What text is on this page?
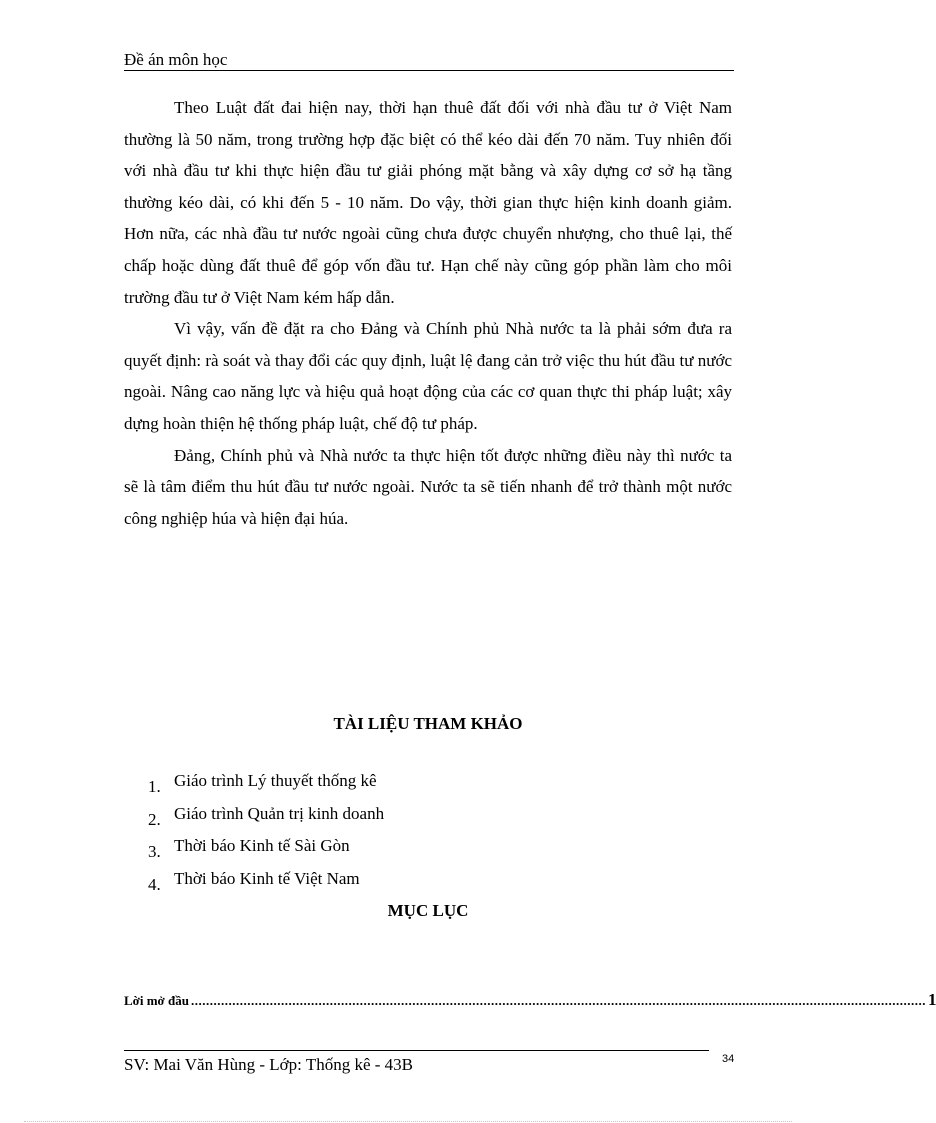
Đề án môn học

Theo Luật đất đai hiện nay, thời hạn thuê đất đối với nhà đầu tư ở Việt Nam thường là 50 năm, trong trường hợp đặc biệt có thể kéo dài đến 70 năm. Tuy nhiên đối với nhà đầu tư khi thực hiện đầu tư giải phóng mặt bằng và xây dựng cơ sở hạ tầng thường kéo dài, có khi đến 5 - 10 năm. Do vậy, thời gian thực hiện kinh doanh giảm. Hơn nữa, các nhà đầu tư nước ngoài cũng chưa được chuyển nhượng, cho thuê lại, thế chấp hoặc dùng đất thuê để góp vốn đầu tư. Hạn chế này cũng góp phần làm cho môi trường đầu tư ở Việt Nam kém hấp dẫn.

Vì vậy, vấn đề đặt ra cho Đảng và Chính phủ Nhà nước ta là phải sớm đưa ra quyết định: rà soát và thay đổi các quy định, luật lệ đang cản trở việc thu hút đầu tư nước ngoài. Nâng cao năng lực và hiệu quả hoạt động của các cơ quan thực thi pháp luật; xây dựng hoàn thiện hệ thống pháp luật, chế độ tư pháp.

Đảng, Chính phủ và Nhà nước ta thực hiện tốt được những điều này thì nước ta sẽ là tâm điểm thu hút đầu tư nước ngoài. Nước ta sẽ tiến nhanh để trở thành một nước công nghiệp húa và hiện đại húa.

TÀI LIỆU THAM KHẢO
1. Giáo trình Lý thuyết thống kê
2. Giáo trình Quản trị kinh doanh
3. Thời báo Kinh tế Sài Gòn
4. Thời báo Kinh tế Việt Nam
MỤC LỤC
Lời mở đầu .................................................................................................................................................................................................... 1
SV: Mai Văn Hùng - Lớp: Thống kê - 43B	34
